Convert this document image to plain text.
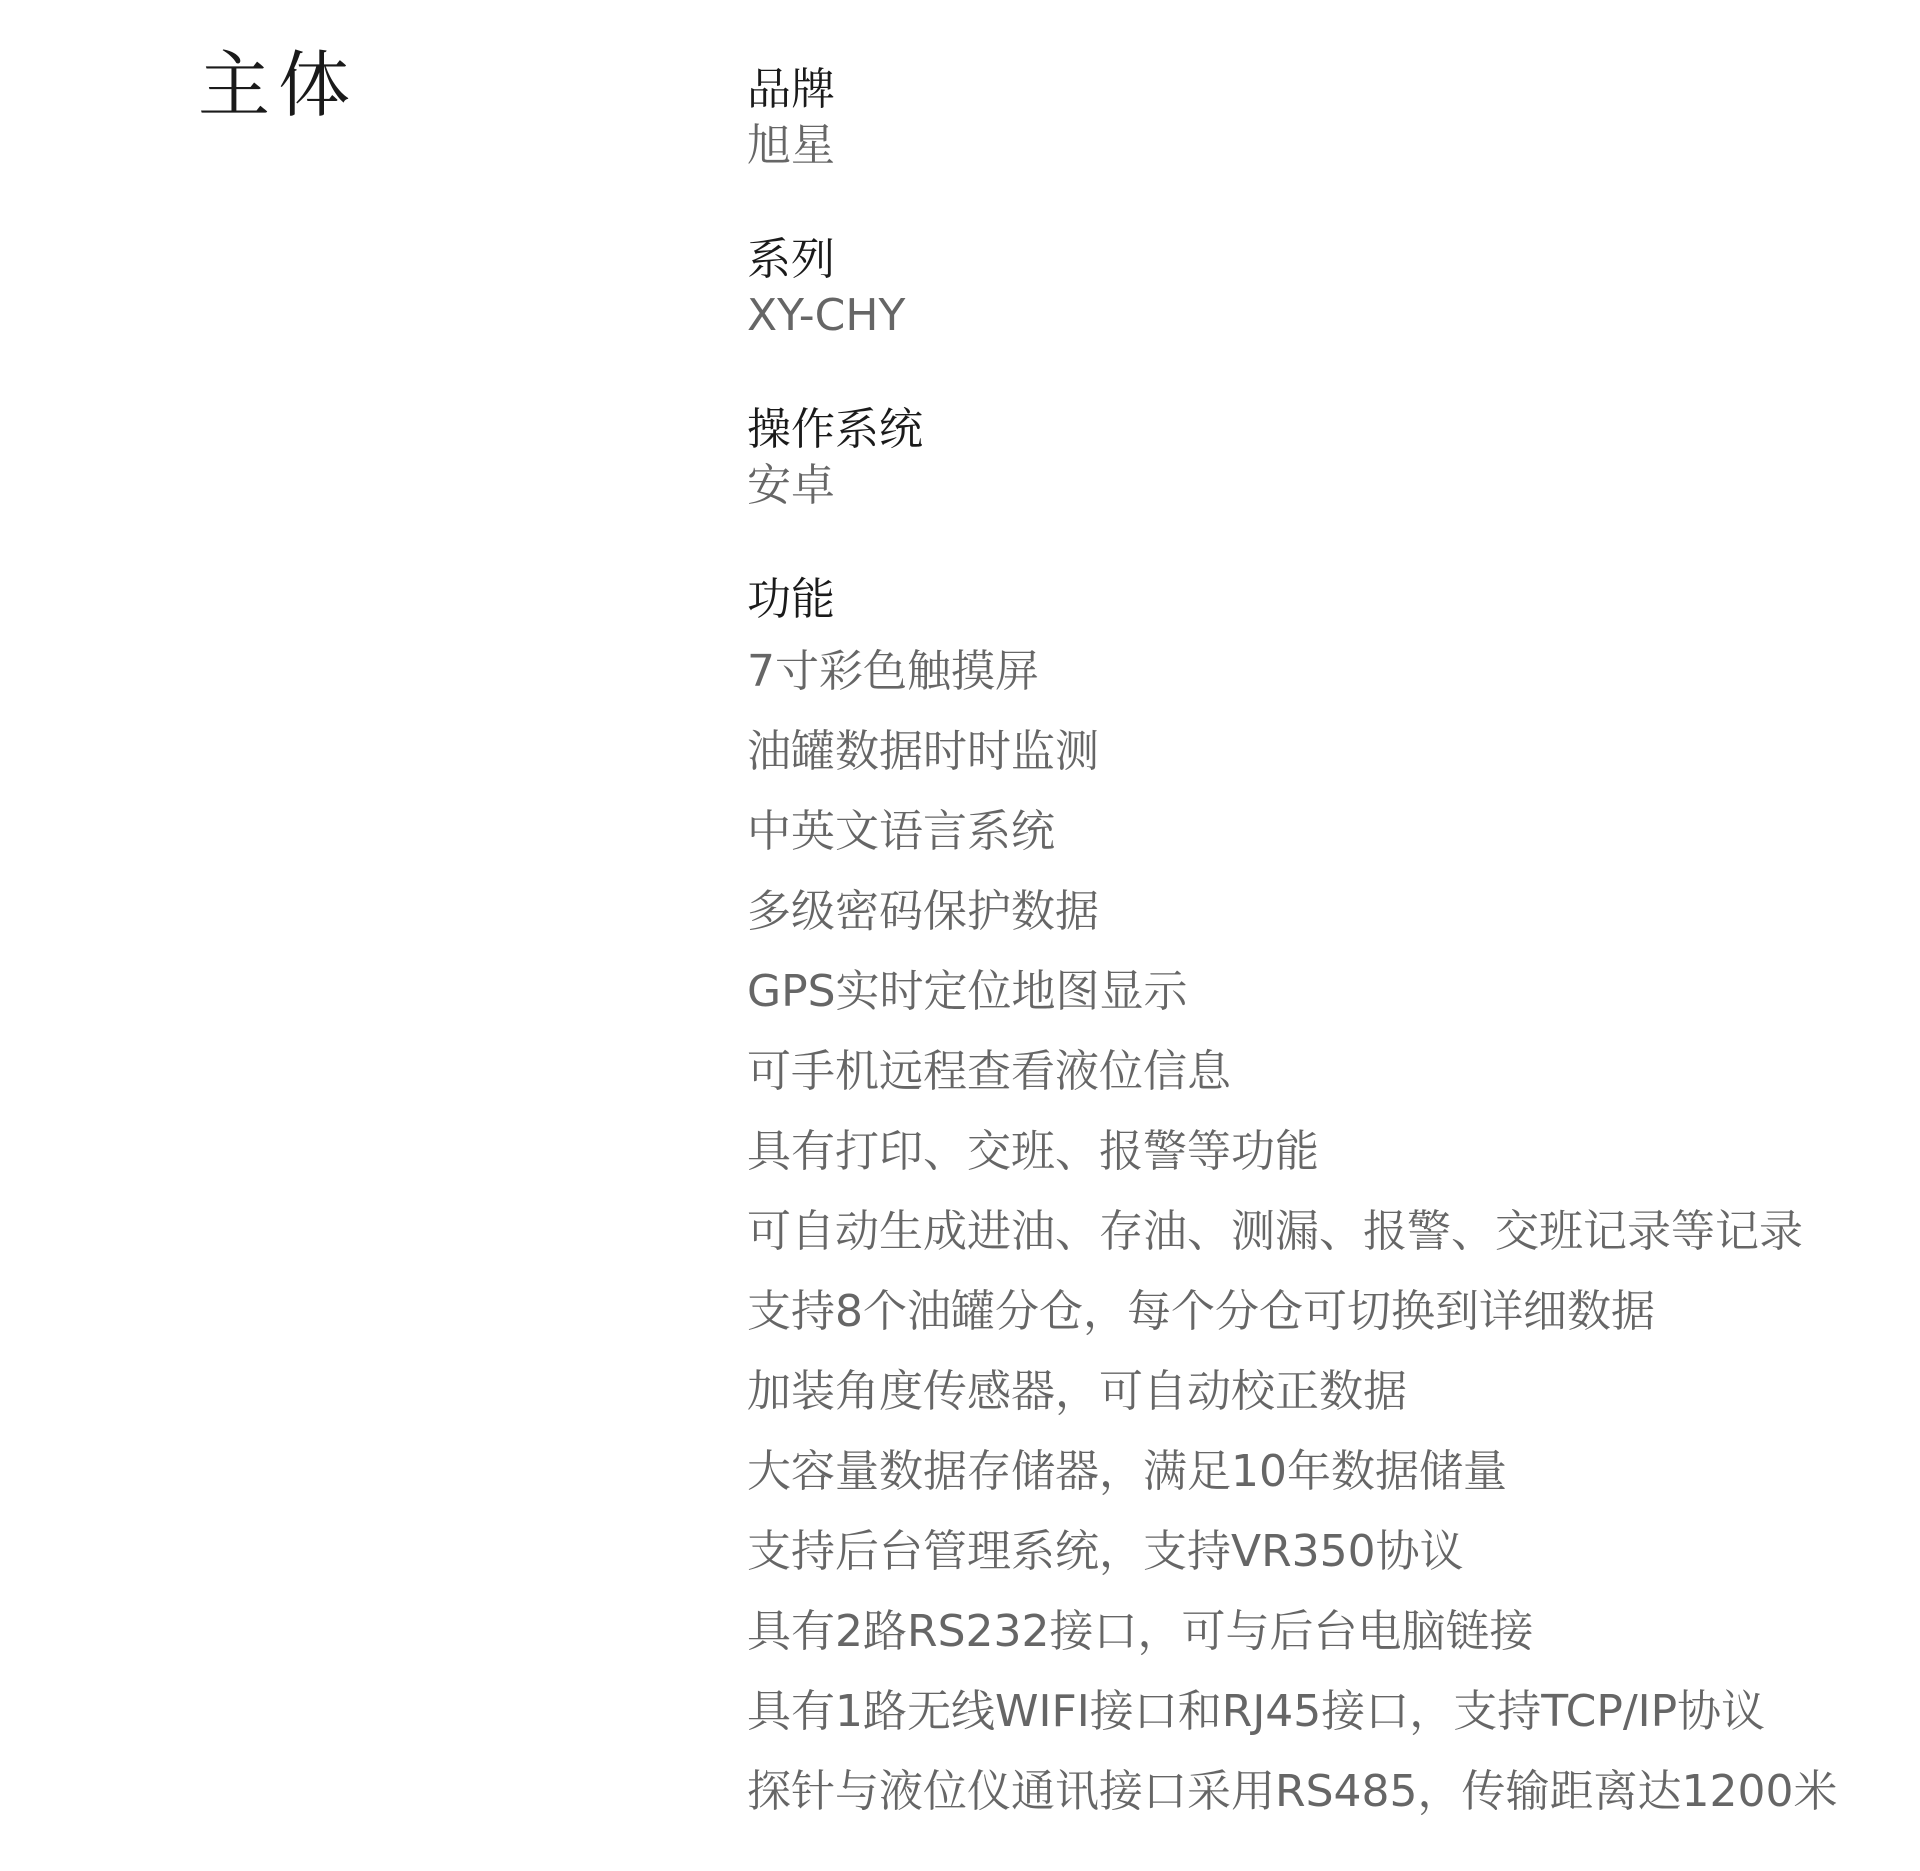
主体	品牌
旭星
系列
XY-CHY
操作系统
安卓
功能
7寸彩色触摸屏
油罐数据时时监测
中英文语言系统
多级密码保护数据
GPS实时定位地图显示
可手机远程查看液位信息
具有打印、交班、报警等功能
可自动生成进油、存油、测漏、报警、交班记录等记录
支持8个油罐分仓，每个分仓可切换到详细数据
加装角度传感器，可自动校正数据
大容量数据存储器，满足10年数据储量
支持后台管理系统，支持VR350协议
具有2路RS232接口，可与后台电脑链接
具有1路无线WIFI接口和RJ45接口，支持TCP/IP协议
探针与液位仪通讯接口采用RS485，传输距离达1200米
